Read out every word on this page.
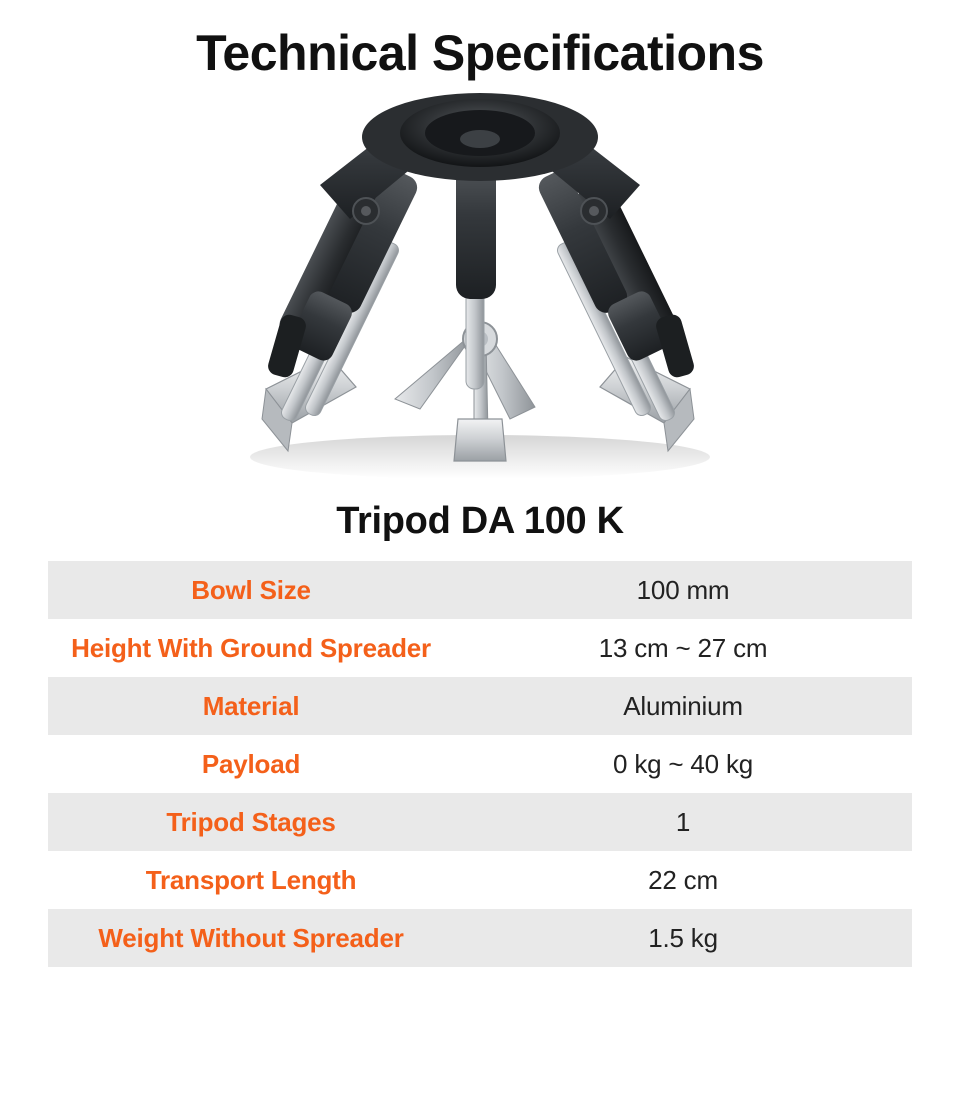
Technical Specifications
Tripod DA 100 K
Bowl Size	100 mm
Height With Ground Spreader	13 cm ~ 27 cm
Material	Aluminium
Payload	0 kg ~ 40 kg
Tripod Stages	1
Transport Length	22 cm
Weight Without Spreader	1.5 kg
